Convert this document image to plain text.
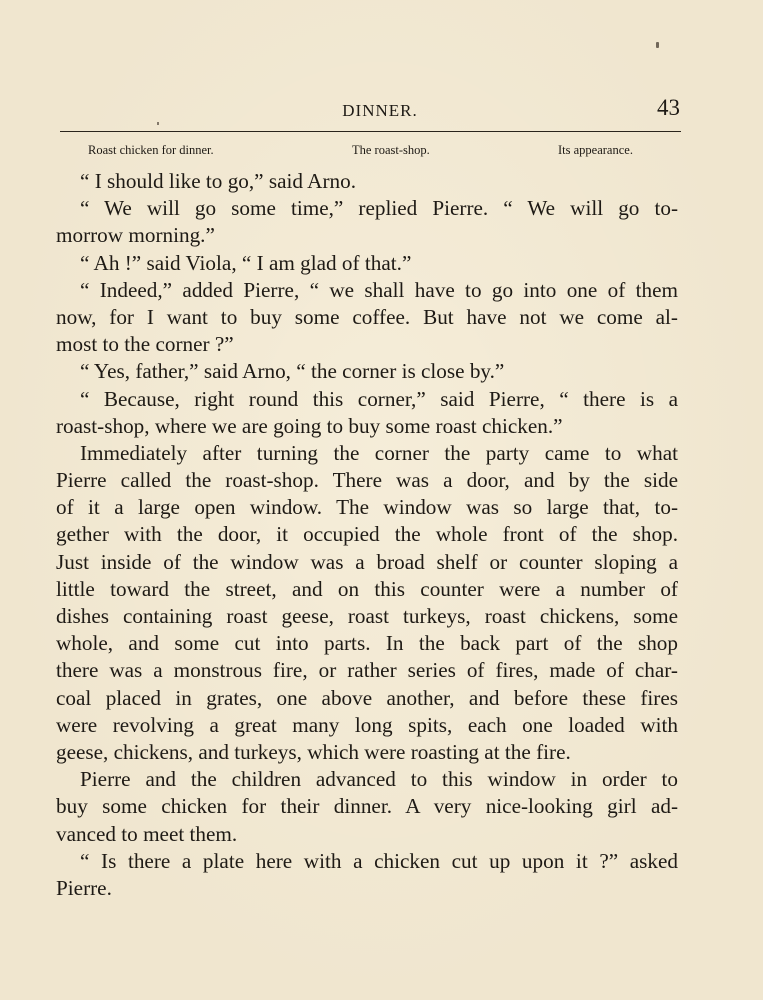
DINNER.	43
Roast chicken for dinner.	The roast-shop.	Its appearance.
“ I should like to go,” said Arno.
“ We will go some time,” replied Pierre. “ We will go to-
morrow morning.”
“ Ah !” said Viola, “ I am glad of that.”
“ Indeed,” added Pierre, “ we shall have to go into one of them
now, for I want to buy some coffee. But have not we come al-
most to the corner ?”
“ Yes, father,” said Arno, “ the corner is close by.”
“ Because, right round this corner,” said Pierre, “ there is a
roast-shop, where we are going to buy some roast chicken.”
Immediately after turning the corner the party came to what
Pierre called the roast-shop. There was a door, and by the side
of it a large open window. The window was so large that, to-
gether with the door, it occupied the whole front of the shop.
Just inside of the window was a broad shelf or counter sloping a
little toward the street, and on this counter were a number of
dishes containing roast geese, roast turkeys, roast chickens, some
whole, and some cut into parts. In the back part of the shop
there was a monstrous fire, or rather series of fires, made of char-
coal placed in grates, one above another, and before these fires
were revolving a great many long spits, each one loaded with
geese, chickens, and turkeys, which were roasting at the fire.
Pierre and the children advanced to this window in order to
buy some chicken for their dinner. A very nice-looking girl ad-
vanced to meet them.
“ Is there a plate here with a chicken cut up upon it ?” asked
Pierre.
